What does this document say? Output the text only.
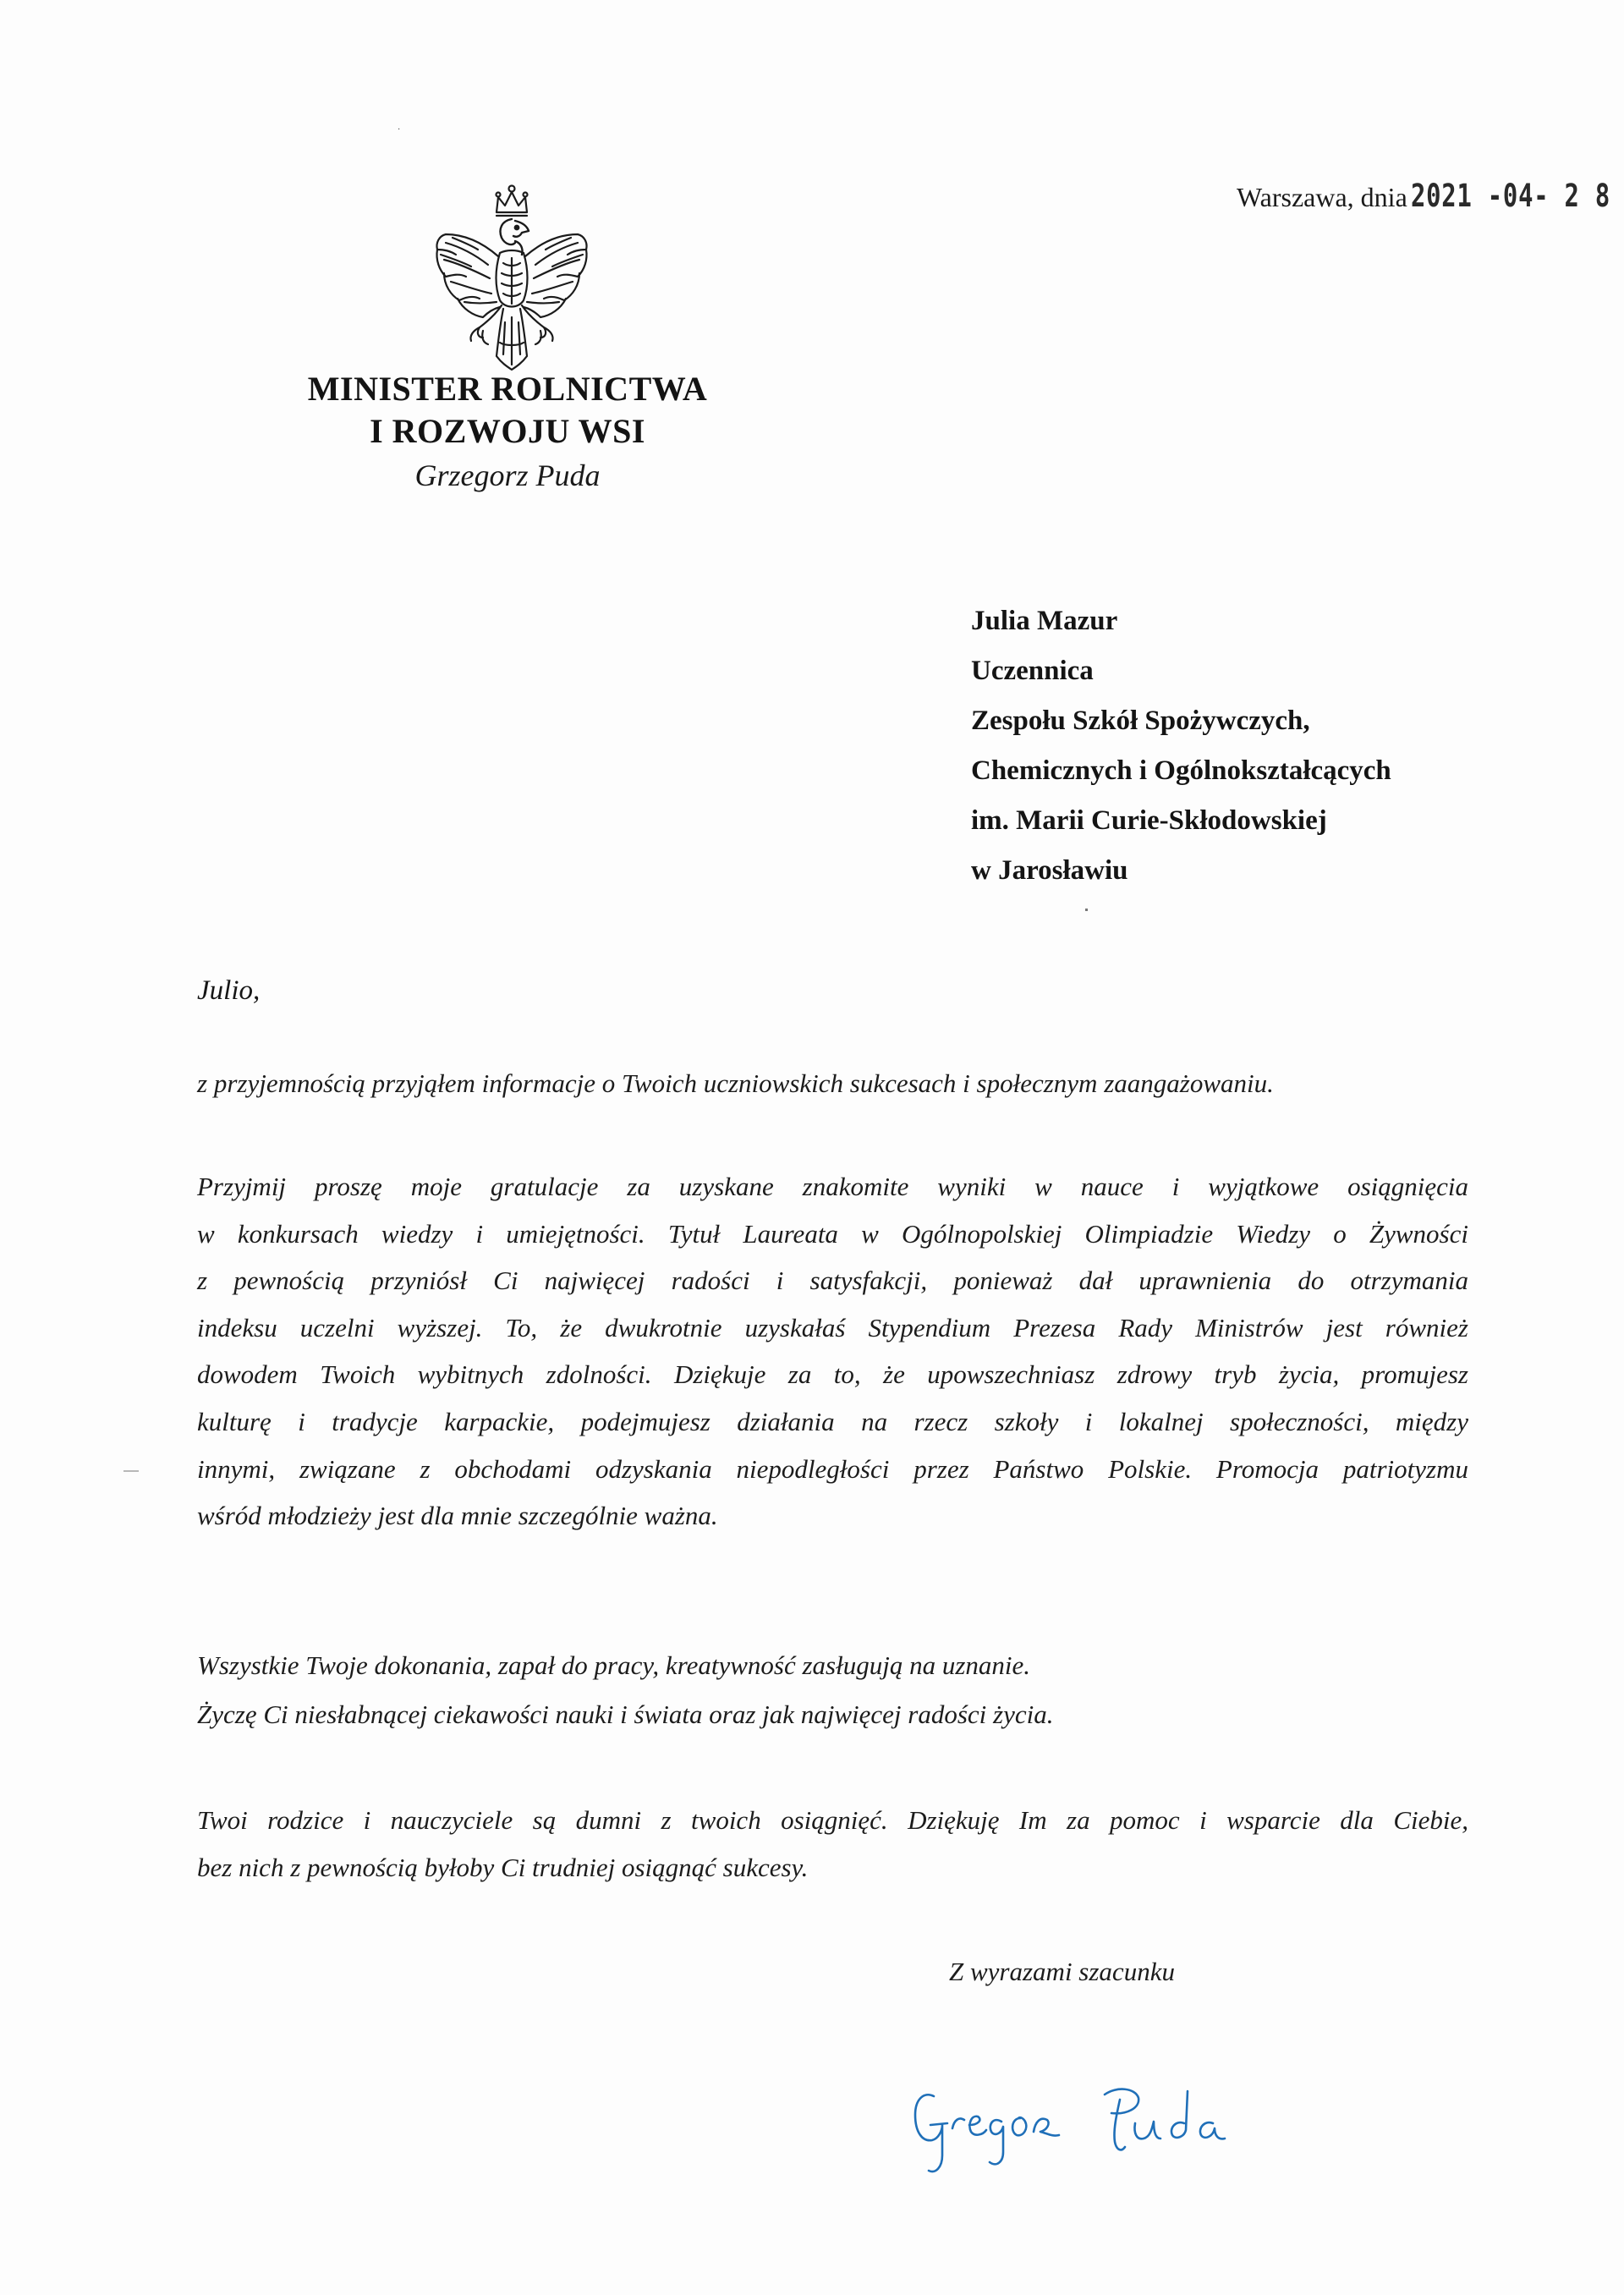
·
Warszawa, dnia 2021 -04- 2 8
MINISTER ROLNICTWA
I ROZWOJU WSI
Grzegorz Puda
Julia Mazur
Uczennica
Zespołu Szkół Spożywczych,
Chemicznych i Ogólnokształcących
im. Marii Curie-Skłodowskiej
w Jarosławiu
Julio,
z przyjemnością przyjąłem informacje o Twoich uczniowskich sukcesach i społecznym zaangażowaniu.
Przyjmij proszę moje gratulacje za uzyskane znakomite wyniki w nauce i wyjątkowe osiągnięcia
w konkursach wiedzy i umiejętności. Tytuł Laureata w Ogólnopolskiej Olimpiadzie Wiedzy o Żywności
z pewnością przyniósł Ci najwięcej radości i satysfakcji, ponieważ dał uprawnienia do otrzymania
indeksu uczelni wyższej. To, że dwukrotnie uzyskałaś Stypendium Prezesa Rady Ministrów jest również
dowodem Twoich wybitnych zdolności. Dziękuje za to, że upowszechniasz zdrowy tryb życia, promujesz
kulturę i tradycje karpackie, podejmujesz działania na rzecz szkoły i lokalnej społeczności, między
innymi, związane z obchodami odzyskania niepodległości przez Państwo Polskie. Promocja patriotyzmu
wśród młodzieży jest dla mnie szczególnie ważna.
Wszystkie Twoje dokonania, zapał do pracy, kreatywność zasługują na uznanie.
Życzę Ci niesłabnącej ciekawości nauki i świata oraz jak najwięcej radości życia.
Twoi rodzice i nauczyciele są dumni z twoich osiągnięć. Dziękuję Im za pomoc i wsparcie dla Ciebie,
bez nich z pewnością byłoby Ci trudniej osiągnąć sukcesy.
Z wyrazami szacunku
